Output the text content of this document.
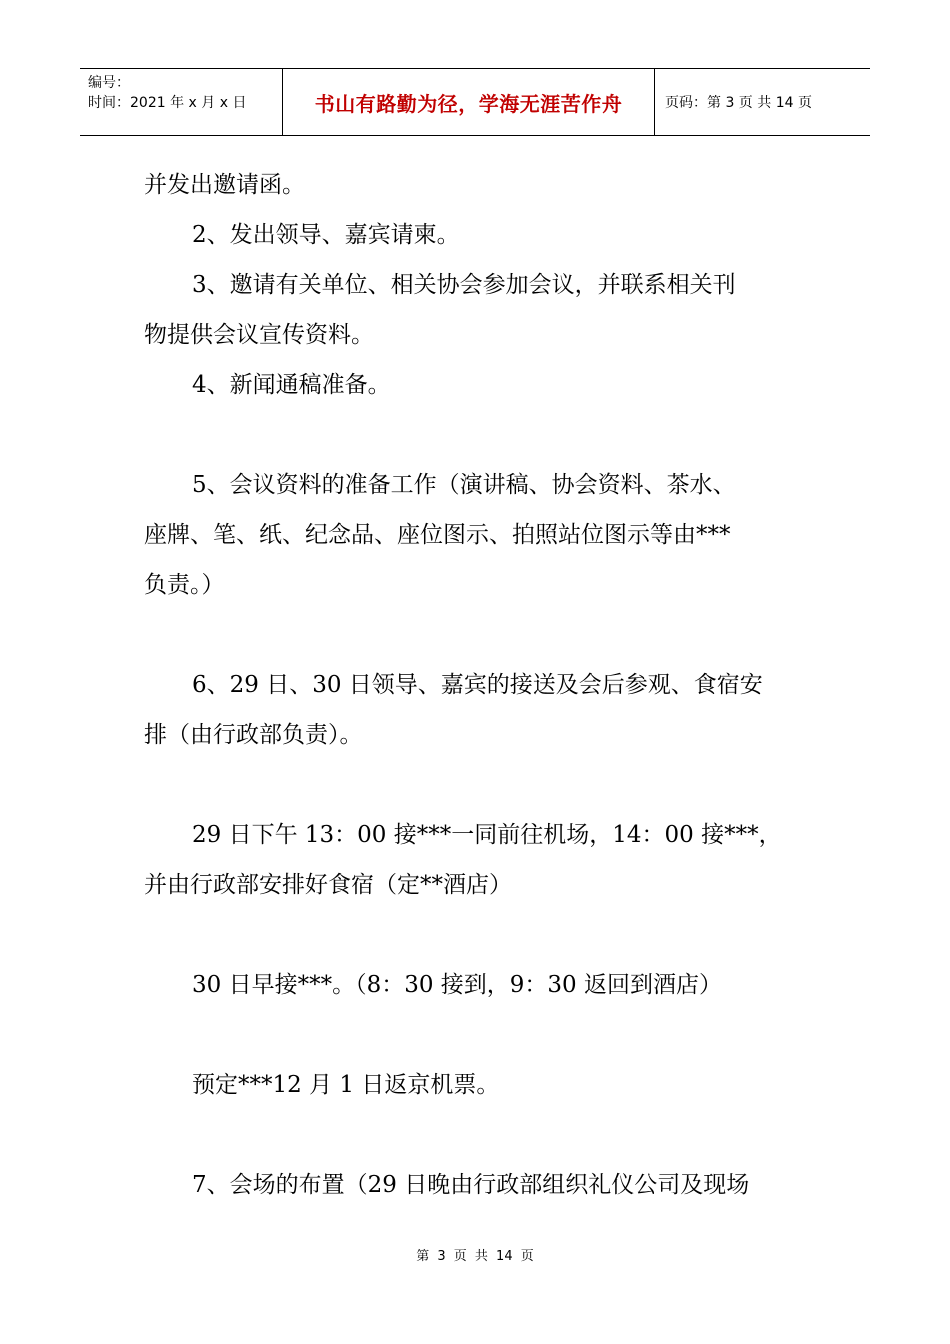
编号：
时间：2021 年 x 月 x 日	书山有路勤为径，学海无涯苦作舟	页码：第 3 页 共 14 页

并发出邀请函。

2、发出领导、嘉宾请柬。

3、邀请有关单位、相关协会参加会议，并联系相关刊

物提供会议宣传资料。

4、新闻通稿准备。

5、会议资料的准备工作（演讲稿、协会资料、茶水、

座牌、笔、纸、纪念品、座位图示、拍照站位图示等由***

负责。）

6、29 日、30 日领导、嘉宾的接送及会后参观、食宿安

排（由行政部负责）。

29 日下午 13：00 接***一同前往机场，14：00 接***，

并由行政部安排好食宿（定**酒店）

30 日早接***。（8：30 接到，9：30 返回到酒店）

预定***12 月 1 日返京机票。

7、会场的布置（29 日晚由行政部组织礼仪公司及现场

第 3 页 共 14 页
